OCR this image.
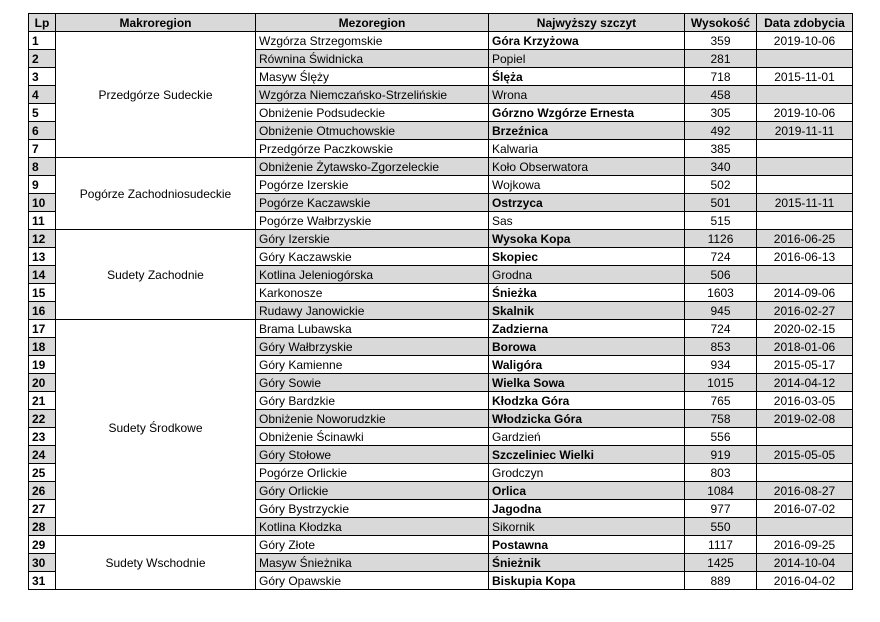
Lp	Makroregion	Mezoregion	Najwyższy szczyt	Wysokość	Data zdobycia
1	Przedgórze Sudeckie	Wzgórza Strzegomskie	Góra Krzyżowa	359	2019-10-06
2		Równina Świdnicka	Popiel	281	
3		Masyw Ślęży	Ślęża	718	2015-11-01
4		Wzgórza Niemczańsko-Strzelińskie	Wrona	458	
5		Obniżenie Podsudeckie	Górzno Wzgórze Ernesta	305	2019-10-06
6		Obniżenie Otmuchowskie	Brzeźnica	492	2019-11-11
7		Przedgórze Paczkowskie	Kalwaria	385	
8	Pogórze Zachodniosudeckie	Obniżenie Żytawsko-Zgorzeleckie	Koło Obserwatora	340	
9		Pogórze Izerskie	Wojkowa	502	
10		Pogórze Kaczawskie	Ostrzyca	501	2015-11-11
11		Pogórze Wałbrzyskie	Sas	515	
12	Sudety Zachodnie	Góry Izerskie	Wysoka Kopa	1126	2016-06-25
13		Góry Kaczawskie	Skopiec	724	2016-06-13
14		Kotlina Jeleniogórska	Grodna	506	
15		Karkonosze	Śnieżka	1603	2014-09-06
16		Rudawy Janowickie	Skalnik	945	2016-02-27
17	Sudety Środkowe	Brama Lubawska	Zadzierna	724	2020-02-15
18		Góry Wałbrzyskie	Borowa	853	2018-01-06
19		Góry Kamienne	Waligóra	934	2015-05-17
20		Góry Sowie	Wielka Sowa	1015	2014-04-12
21		Góry Bardzkie	Kłodzka Góra	765	2016-03-05
22		Obniżenie Noworudzkie	Włodzicka Góra	758	2019-02-08
23		Obniżenie Ścinawki	Gardzień	556	
24		Góry Stołowe	Szczeliniec Wielki	919	2015-05-05
25		Pogórze Orlickie	Grodczyn	803	
26		Góry Orlickie	Orlica	1084	2016-08-27
27		Góry Bystrzyckie	Jagodna	977	2016-07-02
28		Kotlina Kłodzka	Sikornik	550	
29	Sudety Wschodnie	Góry Złote	Postawna	1117	2016-09-25
30		Masyw Śnieżnika	Śnieżnik	1425	2014-10-04
31		Góry Opawskie	Biskupia Kopa	889	2016-04-02
